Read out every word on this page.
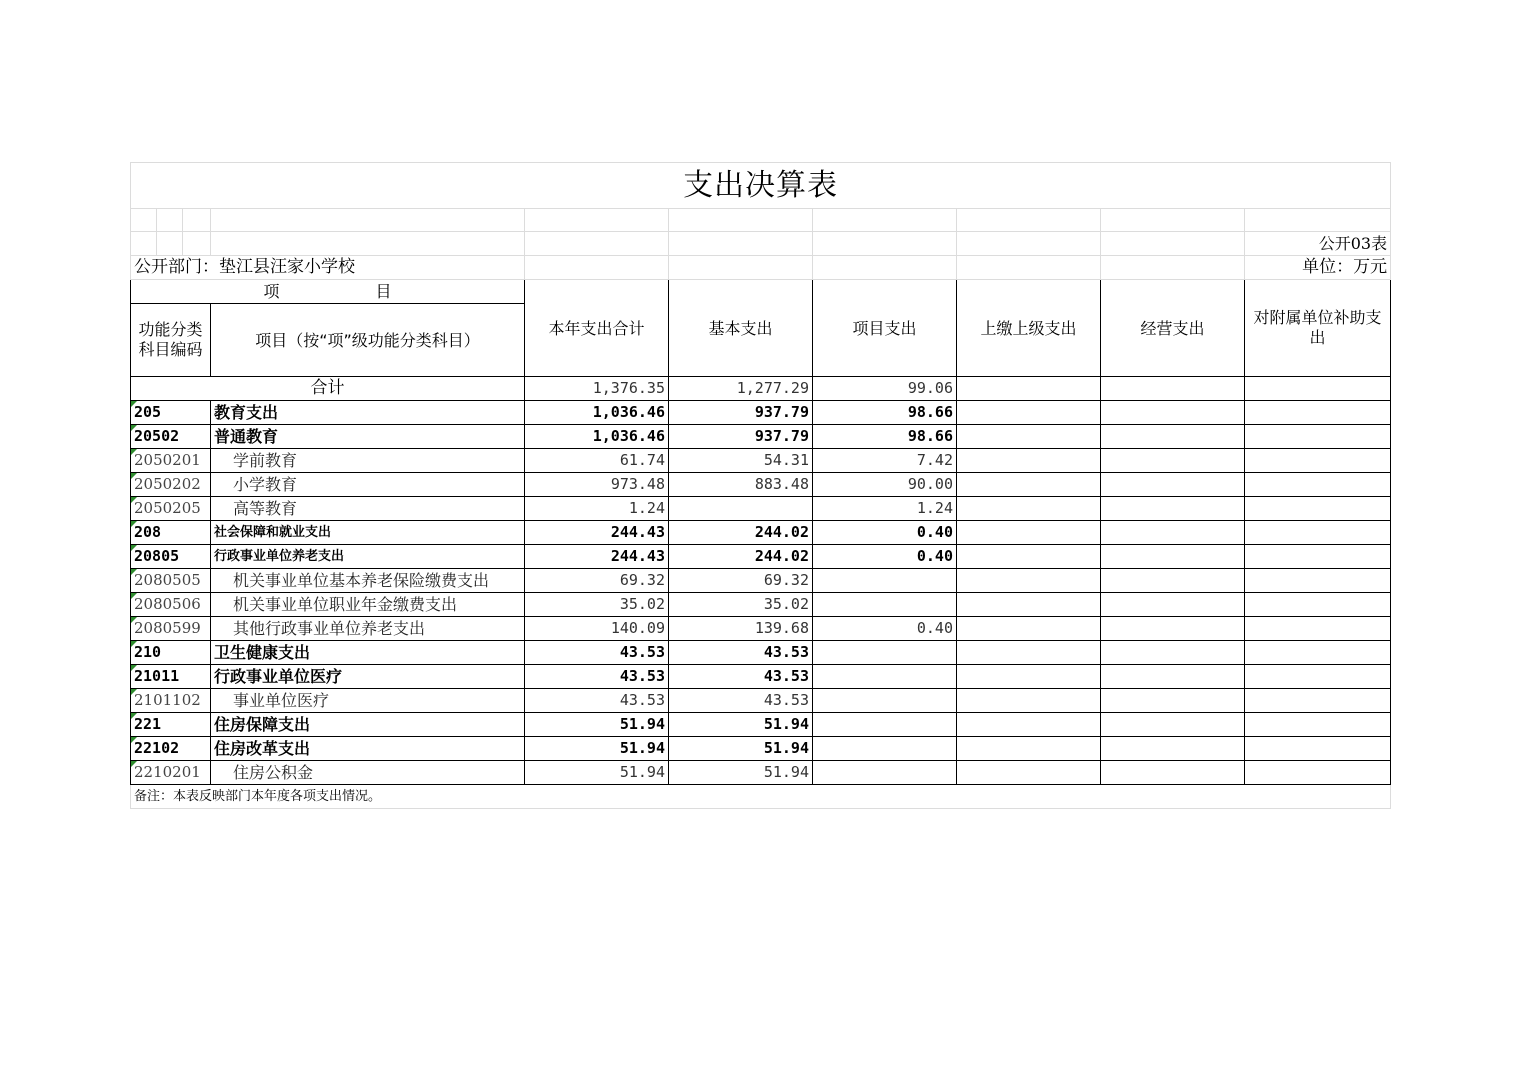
支出决算表									

									公开03表
公开部门：垫江县汪家小学校									单位：万元
项　　　　　　目				本年支出合计	基本支出	项目支出	上缴上级支出	经营支出	对附属单位补助支出
功能分类科目编码			项目（按“项”级功能分类科目）						
合计				1,376.35	1,277.29	99.06			
205			教育支出	1,036.46	937.79	98.66			
20502			普通教育	1,036.46	937.79	98.66			
2050201			学前教育	61.74	54.31	7.42			
2050202			小学教育	973.48	883.48	90.00			
2050205			高等教育	1.24		1.24			
208			社会保障和就业支出	244.43	244.02	0.40			
20805			行政事业单位养老支出	244.43	244.02	0.40			
2080505			机关事业单位基本养老保险缴费支出	69.32	69.32				
2080506			机关事业单位职业年金缴费支出	35.02	35.02				
2080599			其他行政事业单位养老支出	140.09	139.68	0.40			
210			卫生健康支出	43.53	43.53				
21011			行政事业单位医疗	43.53	43.53				
2101102			事业单位医疗	43.53	43.53				
221			住房保障支出	51.94	51.94				
22102			住房改革支出	51.94	51.94				
2210201			住房公积金	51.94	51.94				
备注：本表反映部门本年度各项支出情况。									
